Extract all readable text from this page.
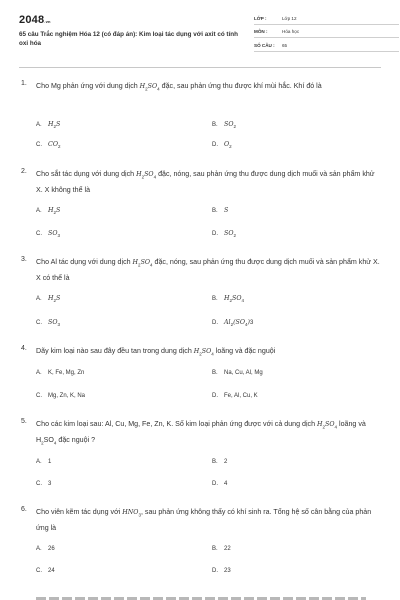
2048.vn
65 câu Trắc nghiệm Hóa 12 (có đáp án): Kim loại tác dụng với axit có tính oxi hóa
LỚP :	Lớp 12
MÔN :	Hóa học
SỐ CÂU : 65
1. Cho Mg phản ứng với dung dịch $H_2SO_4$ đặc, sau phản ứng thu được khí mùi hắc. Khí đó là
A. $H_2S$	B. $SO_2$
C. $CO_2$	D. $O_2$
2. Cho sắt tác dụng với dung dịch $H_2SO_4$ đặc, nóng, sau phản ứng thu được dung dịch muối và sản phẩm khử X. X không thể là
A. $H_2S$	B. S
C. $SO_3$	D. $SO_2$
3. Cho Al tác dụng với dung dịch $H_2SO_4$ đặc, nóng, sau phản ứng thu được dung dịch muối và sản phẩm khử X. X có thể là
A. $H_2S$	B. $H_2SO_4$
C. $SO_3$	D. $Al_2(SO_4)3$
4. Dãy kim loại nào sau đây đều tan trong dung dịch $H_2SO_4$ loãng và đặc nguội
A. K, Fe, Mg, Zn	B. Na, Cu, Al, Mg
C. Mg, Zn, K, Na	D. Fe, Al, Cu, K
5. Cho các kim loại sau: Al, Cu, Mg, Fe, Zn, K. Số kim loại phản ứng được với cả dung dịch $H_2SO_4$ loãng và $H_2SO_4$ đặc nguội ?
A. 1	B. 2
C. 3	D. 4
6. Cho viên kẽm tác dụng với $HNO_3$, sau phản ứng không thấy có khí sinh ra. Tổng hệ số cân bằng của phản ứng là
A. 26	B. 22
C. 24	D. 23
